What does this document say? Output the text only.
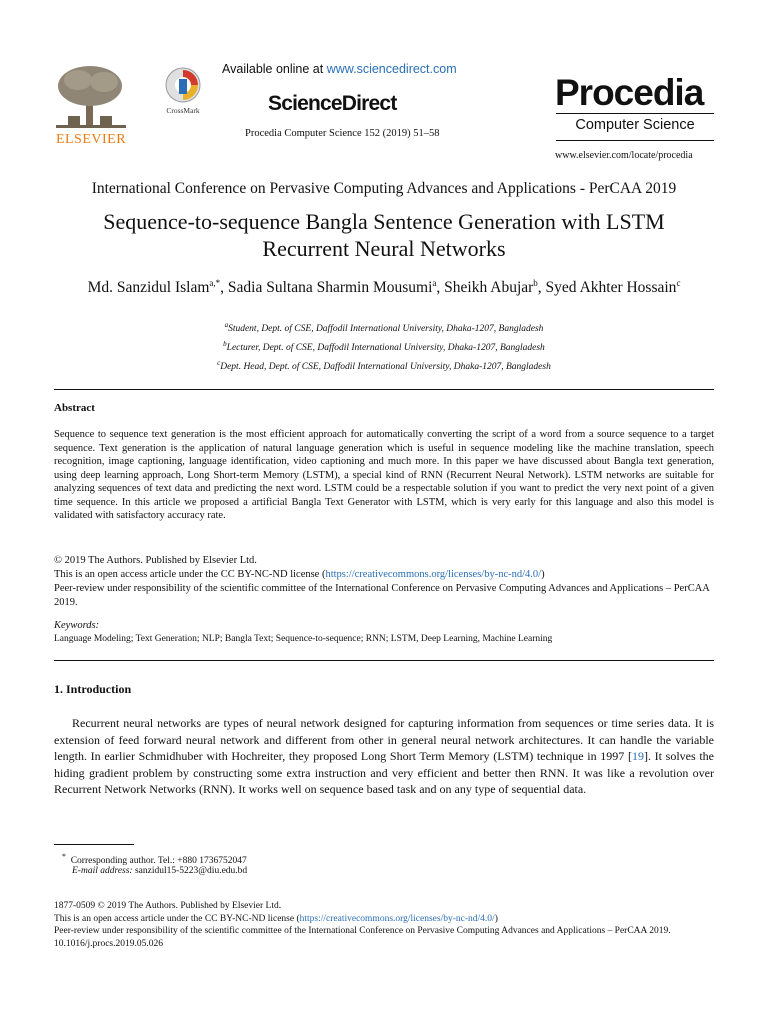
ELSEVIER
CrossMark
Available online at www.sciencedirect.com
ScienceDirect
Procedia Computer Science 152 (2019) 51–58
Procedia
Computer Science
www.elsevier.com/locate/procedia
International Conference on Pervasive Computing Advances and Applications - PerCAA 2019
Sequence-to-sequence Bangla Sentence Generation with LSTM
Recurrent Neural Networks
Md. Sanzidul Islam$^{a,*}$, Sadia Sultana Sharmin Mousumi$^a$, Sheikh Abujar$^b$, Syed Akhter Hossain$^c$
$^a$Student, Dept. of CSE, Daffodil International University, Dhaka-1207, Bangladesh
$^b$Lecturer, Dept. of CSE, Daffodil International University, Dhaka-1207, Bangladesh
$^c$Dept. Head, Dept. of CSE, Daffodil International University, Dhaka-1207, Bangladesh
Abstract
Sequence to sequence text generation is the most efficient approach for automatically converting the script of a word from a source sequence to a target sequence. Text generation is the application of natural language generation which is useful in sequence modeling like the machine translation, speech recognition, image captioning, language identification, video captioning and much more. In this paper we have discussed about Bangla text generation, using deep learning approach, Long Short-term Memory (LSTM), a special kind of RNN (Recurrent Neural Network). LSTM networks are suitable for analyzing sequences of text data and predicting the next word. LSTM could be a respectable solution if you want to predict the very next point of a given time sequence. In this article we proposed a artificial Bangla Text Generator with LSTM, which is very early for this language and also this model is validated with satisfactory accuracy rate.
© 2019 The Authors. Published by Elsevier Ltd.
This is an open access article under the CC BY-NC-ND license (https://creativecommons.org/licenses/by-nc-nd/4.0/)
Peer-review under responsibility of the scientific committee of the International Conference on Pervasive Computing Advances and Applications – PerCAA 2019.
Keywords:
Language Modeling; Text Generation; NLP; Bangla Text; Sequence-to-sequence; RNN; LSTM, Deep Learning, Machine Learning
1. Introduction
Recurrent neural networks are types of neural network designed for capturing information from sequences or time series data. It is extension of feed forward neural network and different from other in general neural network architectures. It can handle the variable length. In earlier Schmidhuber with Hochreiter, they proposed Long Short Term Memory (LSTM) technique in 1997 [19]. It solves the hiding gradient problem by constructing some extra instruction and very efficient and better then RNN. It was like a revolution over Recurrent Network Networks (RNN). It works well on sequence based task and on any type of sequential data.
* Corresponding author. Tel.: +880 1736752047
E-mail address: sanzidul15-5223@diu.edu.bd
1877-0509 © 2019 The Authors. Published by Elsevier Ltd.
This is an open access article under the CC BY-NC-ND license (https://creativecommons.org/licenses/by-nc-nd/4.0/)
Peer-review under responsibility of the scientific committee of the International Conference on Pervasive Computing Advances and Applications – PerCAA 2019.
10.1016/j.procs.2019.05.026
